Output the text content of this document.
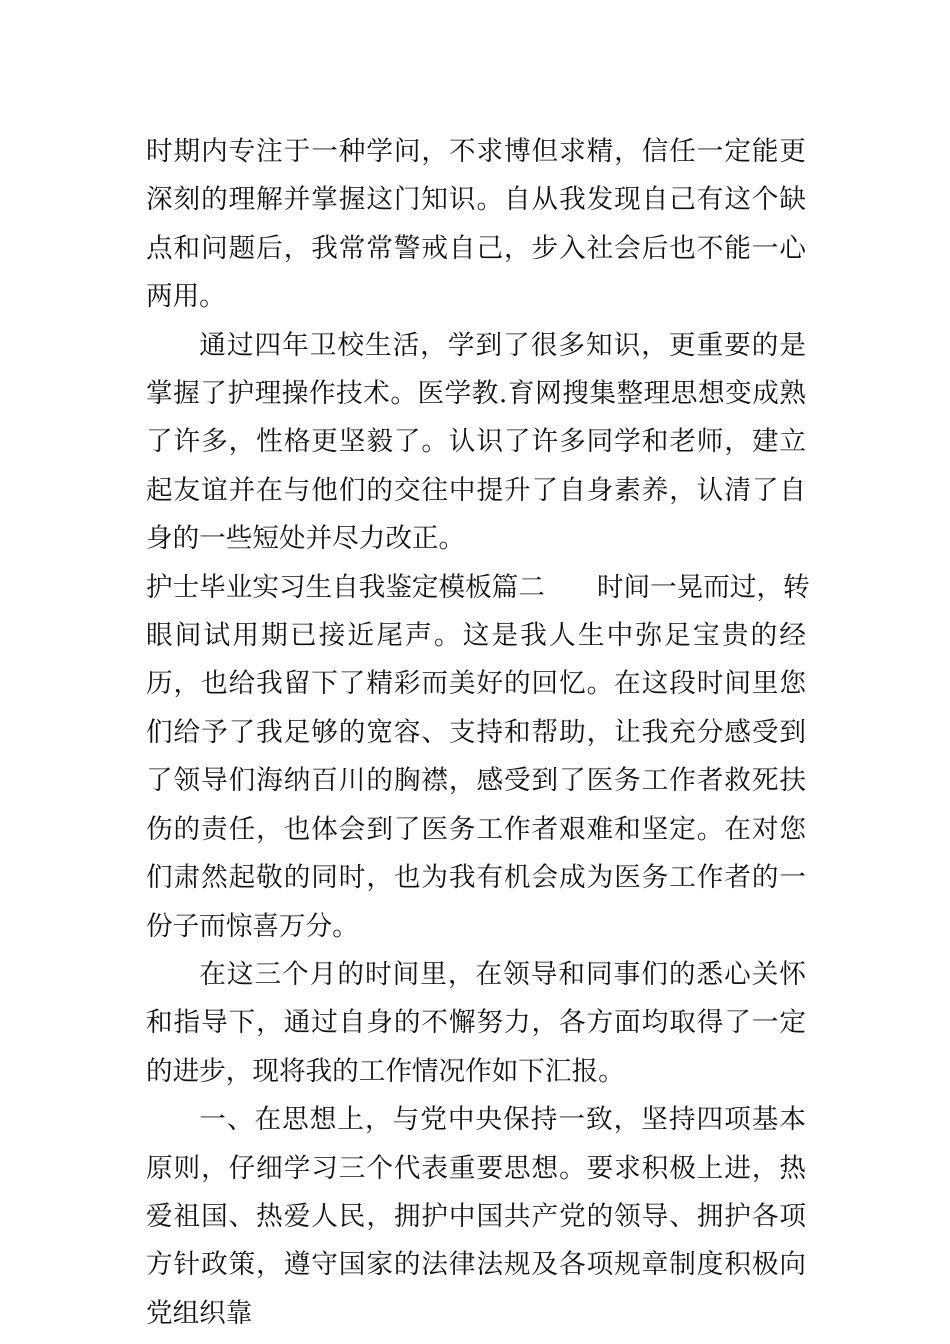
时期内专注于一种学问，不求博但求精，信任一定能更深刻的理解并掌握这门知识。自从我发现自己有这个缺点和问题后，我常常警戒自己，步入社会后也不能一心两用。

通过四年卫校生活，学到了很多知识，更重要的是掌握了护理操作技术。医学教.育网搜集整理思想变成熟了许多，性格更坚毅了。认识了许多同学和老师，建立起友谊并在与他们的交往中提升了自身素养，认清了自身的一些短处并尽力改正。

护士毕业实习生自我鉴定模板篇二 时间一晃而过，转眼间试用期已接近尾声。这是我人生中弥足宝贵的经历，也给我留下了精彩而美好的回忆。在这段时间里您们给予了我足够的宽容、支持和帮助，让我充分感受到了领导们海纳百川的胸襟，感受到了医务工作者救死扶伤的责任，也体会到了医务工作者艰难和坚定。在对您们肃然起敬的同时，也为我有机会成为医务工作者的一份子而惊喜万分。

在这三个月的时间里，在领导和同事们的悉心关怀和指导下，通过自身的不懈努力，各方面均取得了一定的进步，现将我的工作情况作如下汇报。

一、在思想上，与党中央保持一致，坚持四项基本原则，仔细学习三个代表重要思想。要求积极上进，热爱祖国、热爱人民，拥护中国共产党的领导、拥护各项方针政策，遵守国家的法律法规及各项规章制度积极向党组织靠
